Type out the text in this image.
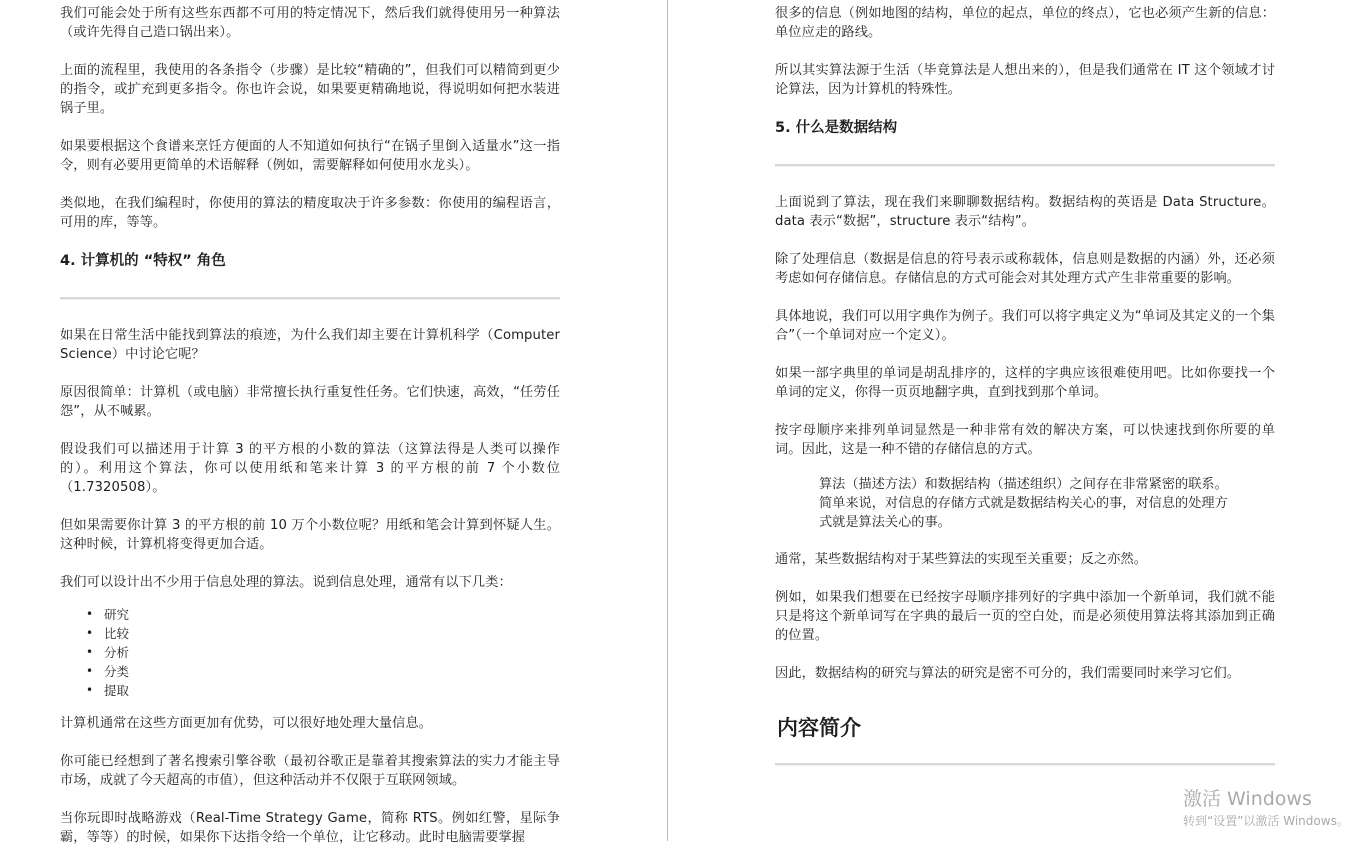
我们可能会处于所有这些东西都不可用的特定情况下，然后我们就得使用另一种算法（或许先得自己造口锅出来）。

上面的流程里，我使用的各条指令（步骤）是比较“精确的”，但我们可以精简到更少的指令，或扩充到更多指令。你也许会说，如果要更精确地说，得说明如何把水装进锅子里。

如果要根据这个食谱来烹饪方便面的人不知道如何执行“在锅子里倒入适量水”这一指令，则有必要用更简单的术语解释（例如，需要解释如何使用水龙头）。

类似地，在我们编程时，你使用的算法的精度取决于许多参数：你使用的编程语言，可用的库，等等。

4. 计算机的 “特权” 角色

如果在日常生活中能找到算法的痕迹，为什么我们却主要在计算机科学（Computer Science）中讨论它呢？

原因很简单：计算机（或电脑）非常擅长执行重复性任务。它们快速，高效，“任劳任怨”，从不喊累。

假设我们可以描述用于计算 3 的平方根的小数的算法（这算法得是人类可以操作的）。利用这个算法，你可以使用纸和笔来计算 3 的平方根的前 7 个小数位（1.7320508）。

但如果需要你计算 3 的平方根的前 10 万个小数位呢？用纸和笔会计算到怀疑人生。这种时候，计算机将变得更加合适。

我们可以设计出不少用于信息处理的算法。说到信息处理，通常有以下几类：

• 研究
• 比较
• 分析
• 分类
• 提取

计算机通常在这些方面更加有优势，可以很好地处理大量信息。

你可能已经想到了著名搜索引擎谷歌（最初谷歌正是靠着其搜索算法的实力才能主导市场，成就了今天超高的市值），但这种活动并不仅限于互联网领域。

当你玩即时战略游戏（Real-Time Strategy Game，简称 RTS。例如红警，星际争霸，等等）的时候，如果你下达指令给一个单位，让它移动。此时电脑需要掌握

很多的信息（例如地图的结构，单位的起点，单位的终点），它也必须产生新的信息：单位应走的路线。

所以其实算法源于生活（毕竟算法是人想出来的），但是我们通常在 IT 这个领域才讨论算法，因为计算机的特殊性。

5. 什么是数据结构

上面说到了算法，现在我们来聊聊数据结构。数据结构的英语是 Data Structure。data 表示“数据”，structure 表示“结构”。

除了处理信息（数据是信息的符号表示或称载体，信息则是数据的内涵）外，还必须考虑如何存储信息。存储信息的方式可能会对其处理方式产生非常重要的影响。

具体地说，我们可以用字典作为例子。我们可以将字典定义为“单词及其定义的一个集合”（一个单词对应一个定义）。

如果一部字典里的单词是胡乱排序的，这样的字典应该很难使用吧。比如你要找一个单词的定义，你得一页页地翻字典，直到找到那个单词。

按字母顺序来排列单词显然是一种非常有效的解决方案，可以快速找到你所要的单词。因此，这是一种不错的存储信息的方式。

算法（描述方法）和数据结构（描述组织）之间存在非常紧密的联系。
简单来说，对信息的存储方式就是数据结构关心的事，对信息的处理方式就是算法关心的事。

通常，某些数据结构对于某些算法的实现至关重要；反之亦然。

例如，如果我们想要在已经按字母顺序排列好的字典中添加一个新单词，我们就不能只是将这个新单词写在字典的最后一页的空白处，而是必须使用算法将其添加到正确的位置。

因此，数据结构的研究与算法的研究是密不可分的，我们需要同时来学习它们。

内容简介
激活 Windows
转到“设置”以激活 Windows。
